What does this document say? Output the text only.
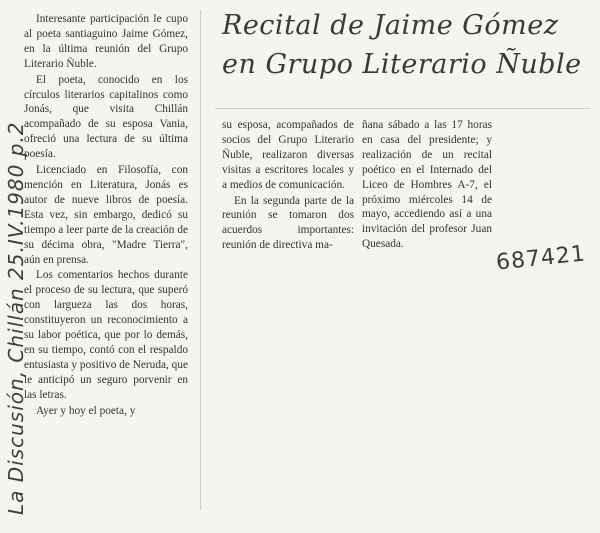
Recital de Jaime Gómez
en Grupo Literario Ñuble

Interesante participación le cupo al poeta santiaguino Jaime Gómez, en la última reunión del Grupo Literario Ñuble.

El poeta, conocido en los círculos literarios capitalinos como Jonás, que visita Chillán acompañado de su esposa Vania, ofreció una lectura de su última poesía.

Licenciado en Filosofía, con mención en Literatura, Jonás es autor de nueve libros de poesía. Esta vez, sin embargo, dedicó su tiempo a leer parte de la creación de su décima obra, "Madre Tierra", aún en prensa.

Los comentarios hechos durante el proceso de su lectura, que superó con largueza las dos horas, constituyeron un reconocimiento a su labor poética, que por lo demás, en su tiempo, contó con el respaldo entusiasta y positivo de Neruda, que le anticipó un seguro porvenir en las letras.

Ayer y hoy el poeta, y

su esposa, acompañados de socios del Grupo Literario Ñuble, realizaron diversas visitas a escritores locales y a medios de comunicación.

En la segunda parte de la reunión se tomaron dos acuerdos importantes: reunión de directiva ma-

ñana sábado a las 17 horas en casa del presidente; y realización de un recital poético en el Internado del Liceo de Hombres A-7, el próximo miércoles 14 de mayo, accediendo así a una invitación del profesor Juan Quesada.

La Discusión, Chillán 25.IV.1980 p.2	687421
